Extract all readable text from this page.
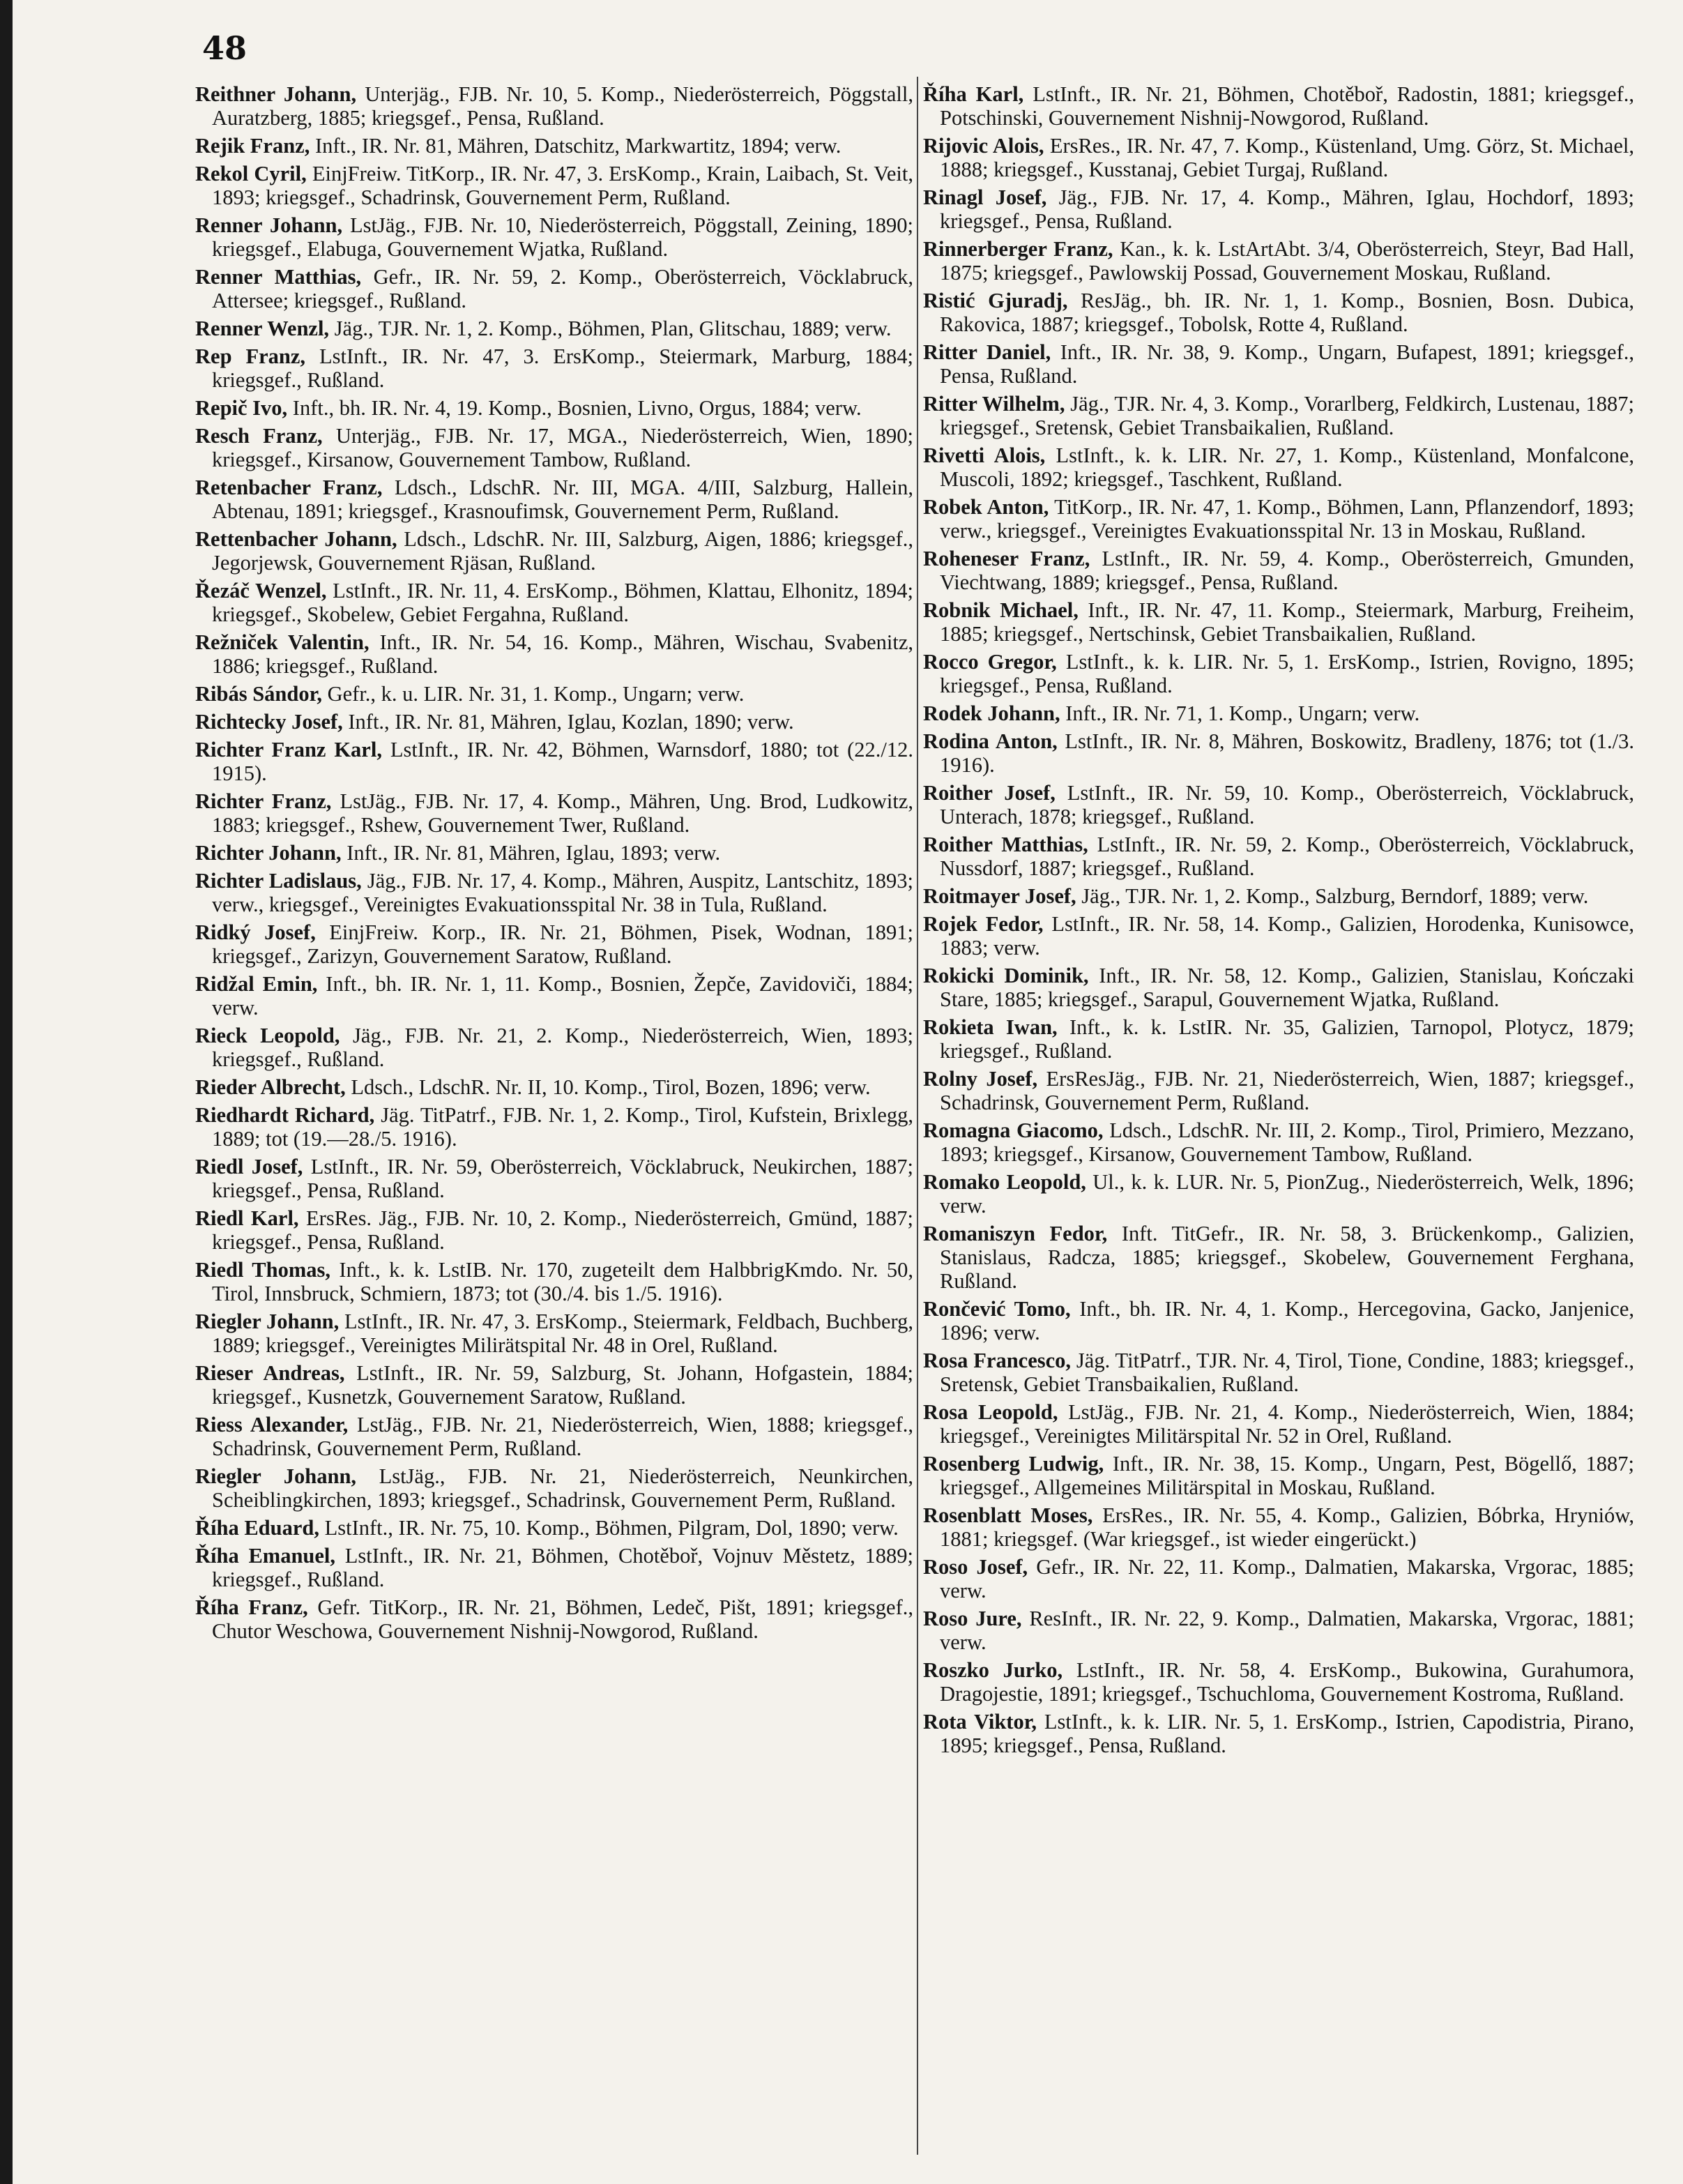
48

Reithner Johann, Unterjäg., FJB. Nr. 10, 5. Komp., Niederösterreich, Pöggstall, Auratzberg, 1885; kriegsgef., Pensa, Rußland.

Rejik Franz, Inft., IR. Nr. 81, Mähren, Datschitz, Markwartitz, 1894; verw.

Rekol Cyril, EinjFreiw. TitKorp., IR. Nr. 47, 3. ErsKomp., Krain, Laibach, St. Veit, 1893; kriegsgef., Schadrinsk, Gouvernement Perm, Rußland.

Renner Johann, LstJäg., FJB. Nr. 10, Niederösterreich, Pöggstall, Zeining, 1890; kriegsgef., Elabuga, Gouvernement Wjatka, Rußland.

Renner Matthias, Gefr., IR. Nr. 59, 2. Komp., Oberösterreich, Vöcklabruck, Attersee; kriegsgef., Rußland.

Renner Wenzl, Jäg., TJR. Nr. 1, 2. Komp., Böhmen, Plan, Glitschau, 1889; verw.

Rep Franz, LstInft., IR. Nr. 47, 3. ErsKomp., Steiermark, Marburg, 1884; kriegsgef., Rußland.

Repič Ivo, Inft., bh. IR. Nr. 4, 19. Komp., Bosnien, Livno, Orgus, 1884; verw.

Resch Franz, Unterjäg., FJB. Nr. 17, MGA., Niederösterreich, Wien, 1890; kriegsgef., Kirsanow, Gouvernement Tambow, Rußland.

Retenbacher Franz, Ldsch., LdschR. Nr. III, MGA. 4/III, Salzburg, Hallein, Abtenau, 1891; kriegsgef., Krasnoufimsk, Gouvernement Perm, Rußland.

Rettenbacher Johann, Ldsch., LdschR. Nr. III, Salzburg, Aigen, 1886; kriegsgef., Jegorjewsk, Gouvernement Rjäsan, Rußland.

Řezáč Wenzel, LstInft., IR. Nr. 11, 4. ErsKomp., Böhmen, Klattau, Elhonitz, 1894; kriegsgef., Skobelew, Gebiet Fergahna, Rußland.

Režniček Valentin, Inft., IR. Nr. 54, 16. Komp., Mähren, Wischau, Svabenitz, 1886; kriegsgef., Rußland.

Ribás Sándor, Gefr., k. u. LIR. Nr. 31, 1. Komp., Ungarn; verw.

Richtecky Josef, Inft., IR. Nr. 81, Mähren, Iglau, Kozlan, 1890; verw.

Richter Franz Karl, LstInft., IR. Nr. 42, Böhmen, Warnsdorf, 1880; tot (22./12. 1915).

Richter Franz, LstJäg., FJB. Nr. 17, 4. Komp., Mähren, Ung. Brod, Ludkowitz, 1883; kriegsgef., Rshew, Gouvernement Twer, Rußland.

Richter Johann, Inft., IR. Nr. 81, Mähren, Iglau, 1893; verw.

Richter Ladislaus, Jäg., FJB. Nr. 17, 4. Komp., Mähren, Auspitz, Lantschitz, 1893; verw., kriegsgef., Vereinigtes Evakuationsspital Nr. 38 in Tula, Rußland.

Ridký Josef, EinjFreiw. Korp., IR. Nr. 21, Böhmen, Pisek, Wodnan, 1891; kriegsgef., Zarizyn, Gouvernement Saratow, Rußland.

Ridžal Emin, Inft., bh. IR. Nr. 1, 11. Komp., Bosnien, Žepče, Zavidoviči, 1884; verw.

Rieck Leopold, Jäg., FJB. Nr. 21, 2. Komp., Niederösterreich, Wien, 1893; kriegsgef., Rußland.

Rieder Albrecht, Ldsch., LdschR. Nr. II, 10. Komp., Tirol, Bozen, 1896; verw.

Riedhardt Richard, Jäg. TitPatrf., FJB. Nr. 1, 2. Komp., Tirol, Kufstein, Brixlegg, 1889; tot (19.—28./5. 1916).

Riedl Josef, LstInft., IR. Nr. 59, Oberösterreich, Vöcklabruck, Neukirchen, 1887; kriegsgef., Pensa, Rußland.

Riedl Karl, ErsRes. Jäg., FJB. Nr. 10, 2. Komp., Niederösterreich, Gmünd, 1887; kriegsgef., Pensa, Rußland.

Riedl Thomas, Inft., k. k. LstIB. Nr. 170, zugeteilt dem HalbbrigKmdo. Nr. 50, Tirol, Innsbruck, Schmiern, 1873; tot (30./4. bis 1./5. 1916).

Riegler Johann, LstInft., IR. Nr. 47, 3. ErsKomp., Steiermark, Feldbach, Buchberg, 1889; kriegsgef., Vereinigtes Milirätspital Nr. 48 in Orel, Rußland.

Rieser Andreas, LstInft., IR. Nr. 59, Salzburg, St. Johann, Hofgastein, 1884; kriegsgef., Kusnetzk, Gouvernement Saratow, Rußland.

Riess Alexander, LstJäg., FJB. Nr. 21, Niederösterreich, Wien, 1888; kriegsgef., Schadrinsk, Gouvernement Perm, Rußland.

Riegler Johann, LstJäg., FJB. Nr. 21, Niederösterreich, Neunkirchen, Scheiblingkirchen, 1893; kriegsgef., Schadrinsk, Gouvernement Perm, Rußland.

Říha Eduard, LstInft., IR. Nr. 75, 10. Komp., Böhmen, Pilgram, Dol, 1890; verw.

Říha Emanuel, LstInft., IR. Nr. 21, Böhmen, Chotěboř, Vojnuv Městetz, 1889; kriegsgef., Rußland.

Říha Franz, Gefr. TitKorp., IR. Nr. 21, Böhmen, Ledeč, Pišt, 1891; kriegsgef., Chutor Weschowa, Gouvernement Nishnij-Nowgorod, Rußland.

Říha Karl, LstInft., IR. Nr. 21, Böhmen, Chotěboř, Radostin, 1881; kriegsgef., Potschinski, Gouvernement Nishnij-Nowgorod, Rußland.

Rijovic Alois, ErsRes., IR. Nr. 47, 7. Komp., Küstenland, Umg. Görz, St. Michael, 1888; kriegsgef., Kusstanaj, Gebiet Turgaj, Rußland.

Rinagl Josef, Jäg., FJB. Nr. 17, 4. Komp., Mähren, Iglau, Hochdorf, 1893; kriegsgef., Pensa, Rußland.

Rinnerberger Franz, Kan., k. k. LstArtAbt. 3/4, Oberösterreich, Steyr, Bad Hall, 1875; kriegsgef., Pawlowskij Possad, Gouvernement Moskau, Rußland.

Ristić Gjuradj, ResJäg., bh. IR. Nr. 1, 1. Komp., Bosnien, Bosn. Dubica, Rakovica, 1887; kriegsgef., Tobolsk, Rotte 4, Rußland.

Ritter Daniel, Inft., IR. Nr. 38, 9. Komp., Ungarn, Bufapest, 1891; kriegsgef., Pensa, Rußland.

Ritter Wilhelm, Jäg., TJR. Nr. 4, 3. Komp., Vorarlberg, Feldkirch, Lustenau, 1887; kriegsgef., Sretensk, Gebiet Transbaikalien, Rußland.

Rivetti Alois, LstInft., k. k. LIR. Nr. 27, 1. Komp., Küstenland, Monfalcone, Muscoli, 1892; kriegsgef., Taschkent, Rußland.

Robek Anton, TitKorp., IR. Nr. 47, 1. Komp., Böhmen, Lann, Pflanzendorf, 1893; verw., kriegsgef., Vereinigtes Evakuationsspital Nr. 13 in Moskau, Rußland.

Roheneser Franz, LstInft., IR. Nr. 59, 4. Komp., Oberösterreich, Gmunden, Viechtwang, 1889; kriegsgef., Pensa, Rußland.

Robnik Michael, Inft., IR. Nr. 47, 11. Komp., Steiermark, Marburg, Freiheim, 1885; kriegsgef., Nertschinsk, Gebiet Transbaikalien, Rußland.

Rocco Gregor, LstInft., k. k. LIR. Nr. 5, 1. ErsKomp., Istrien, Rovigno, 1895; kriegsgef., Pensa, Rußland.

Rodek Johann, Inft., IR. Nr. 71, 1. Komp., Ungarn; verw.

Rodina Anton, LstInft., IR. Nr. 8, Mähren, Boskowitz, Bradleny, 1876; tot (1./3. 1916).

Roither Josef, LstInft., IR. Nr. 59, 10. Komp., Oberösterreich, Vöcklabruck, Unterach, 1878; kriegsgef., Rußland.

Roither Matthias, LstInft., IR. Nr. 59, 2. Komp., Oberösterreich, Vöcklabruck, Nussdorf, 1887; kriegsgef., Rußland.

Roitmayer Josef, Jäg., TJR. Nr. 1, 2. Komp., Salzburg, Berndorf, 1889; verw.

Rojek Fedor, LstInft., IR. Nr. 58, 14. Komp., Galizien, Horodenka, Kunisowce, 1883; verw.

Rokicki Dominik, Inft., IR. Nr. 58, 12. Komp., Galizien, Stanislau, Kończaki Stare, 1885; kriegsgef., Sarapul, Gouvernement Wjatka, Rußland.

Rokieta Iwan, Inft., k. k. LstIR. Nr. 35, Galizien, Tarnopol, Plotycz, 1879; kriegsgef., Rußland.

Rolny Josef, ErsResJäg., FJB. Nr. 21, Niederösterreich, Wien, 1887; kriegsgef., Schadrinsk, Gouvernement Perm, Rußland.

Romagna Giacomo, Ldsch., LdschR. Nr. III, 2. Komp., Tirol, Primiero, Mezzano, 1893; kriegsgef., Kirsanow, Gouvernement Tambow, Rußland.

Romako Leopold, Ul., k. k. LUR. Nr. 5, PionZug., Niederösterreich, Welk, 1896; verw.

Romaniszyn Fedor, Inft. TitGefr., IR. Nr. 58, 3. Brückenkomp., Galizien, Stanislaus, Radcza, 1885; kriegsgef., Skobelew, Gouvernement Ferghana, Rußland.

Rončević Tomo, Inft., bh. IR. Nr. 4, 1. Komp., Hercegovina, Gacko, Janjenice, 1896; verw.

Rosa Francesco, Jäg. TitPatrf., TJR. Nr. 4, Tirol, Tione, Condine, 1883; kriegsgef., Sretensk, Gebiet Transbaikalien, Rußland.

Rosa Leopold, LstJäg., FJB. Nr. 21, 4. Komp., Niederösterreich, Wien, 1884; kriegsgef., Vereinigtes Militärspital Nr. 52 in Orel, Rußland.

Rosenberg Ludwig, Inft., IR. Nr. 38, 15. Komp., Ungarn, Pest, Bögellő, 1887; kriegsgef., Allgemeines Militärspital in Moskau, Rußland.

Rosenblatt Moses, ErsRes., IR. Nr. 55, 4. Komp., Galizien, Bóbrka, Hryniów, 1881; kriegsgef. (War kriegsgef., ist wieder eingerückt.)

Roso Josef, Gefr., IR. Nr. 22, 11. Komp., Dalmatien, Makarska, Vrgorac, 1885; verw.

Roso Jure, ResInft., IR. Nr. 22, 9. Komp., Dalmatien, Makarska, Vrgorac, 1881; verw.

Roszko Jurko, LstInft., IR. Nr. 58, 4. ErsKomp., Bukowina, Gurahumora, Dragojestie, 1891; kriegsgef., Tschuchloma, Gouvernement Kostroma, Rußland.

Rota Viktor, LstInft., k. k. LIR. Nr. 5, 1. ErsKomp., Istrien, Capodistria, Pirano, 1895; kriegsgef., Pensa, Rußland.
